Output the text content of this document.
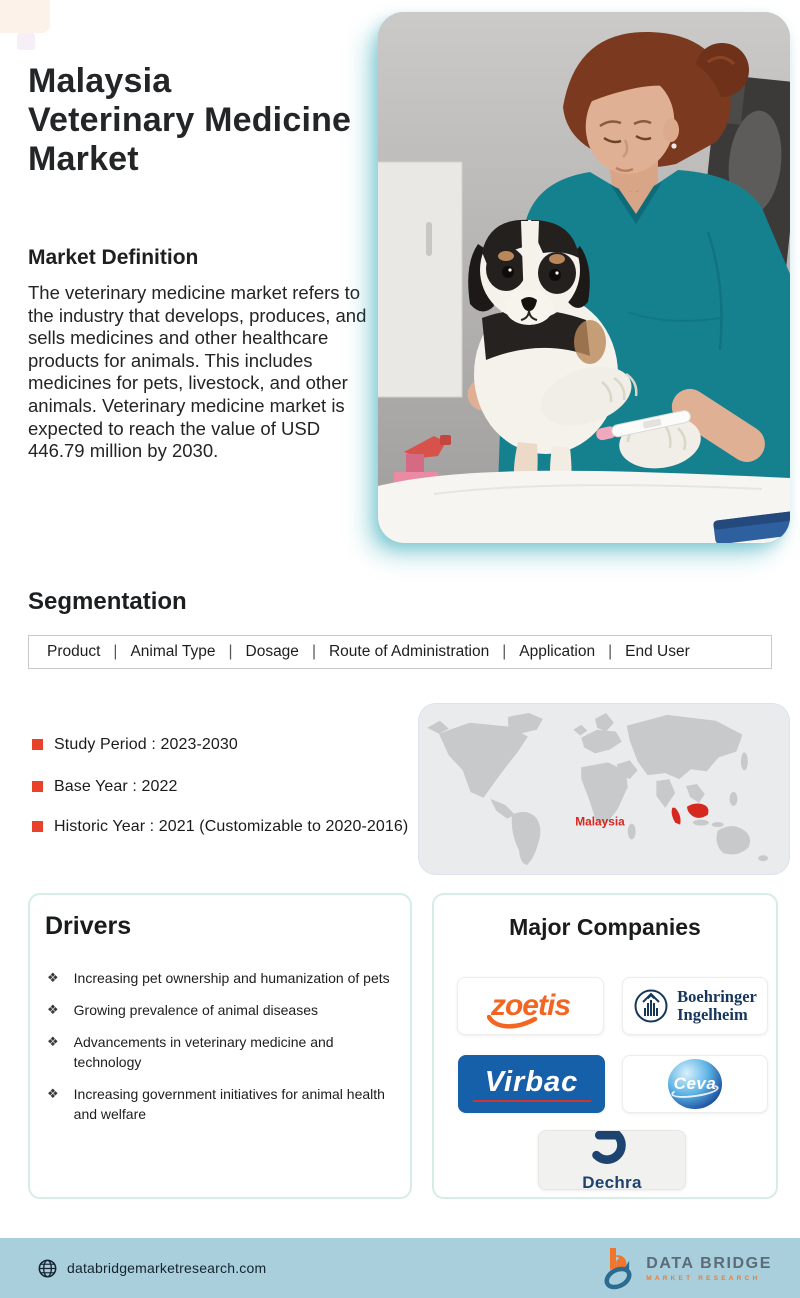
Malaysia
Veterinary Medicine
Market
Market Definition

The veterinary medicine market refers to the industry that develops, produces, and sells medicines and other healthcare products for animals. This includes medicines for pets, livestock, and other animals. Veterinary medicine market is expected to reach the value of USD  446.79 million by 2030.

Segmentation
Product | Animal Type | Dosage | Route of Administration | Application | End User
Study Period : 2023-2030
Base Year : 2022
Historic Year : 2021 (Customizable to 2020-2016)	Malaysia
Drivers
❖ Increasing pet ownership and humanization of pets
❖ Growing prevalence of animal diseases
❖ Advancements in veterinary medicine and technology
❖ Increasing government initiatives for animal health and welfare
Major Companies
zoetis	Boehringer
Ingelheim
Virbac	Ceva
Dechra
databridgemarketresearch.com	DATA BRIDGE
MARKET RESEARCH
